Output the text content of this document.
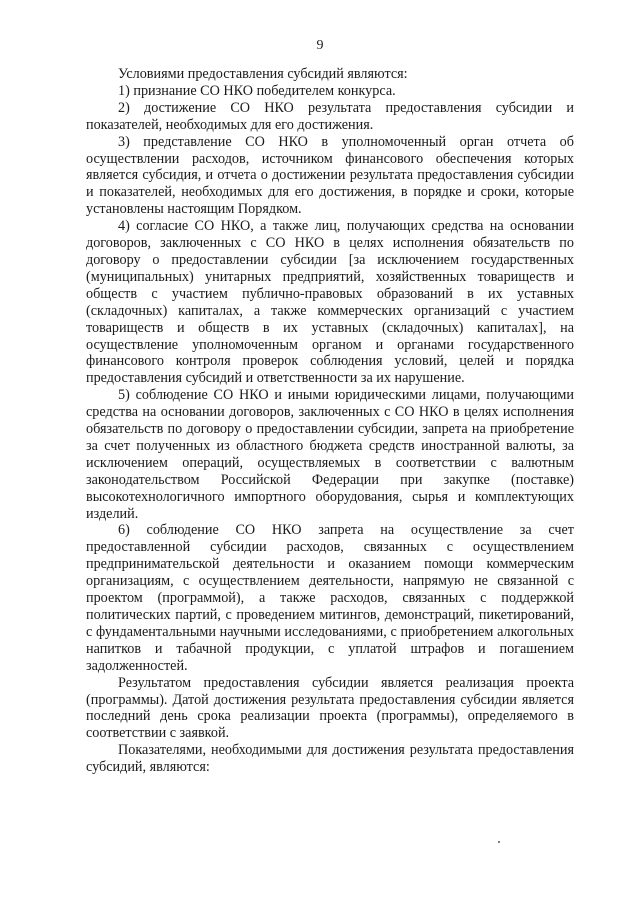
9

Условиями предоставления субсидий являются:

1) признание СО НКО победителем конкурса.

2) достижение СО НКО результата предоставления субсидии и показателей, необходимых для его достижения.

3) представление СО НКО в уполномоченный орган отчета об осуществлении расходов, источником финансового обеспечения которых является субсидия, и отчета о достижении результата предоставления субсидии и показателей, необходимых для его достижения, в порядке и сроки, которые установлены настоящим Порядком.

4) согласие СО НКО, а также лиц, получающих средства на основании договоров, заключенных с СО НКО в целях исполнения обязательств по договору о предоставлении субсидии [за исключением государственных (муниципальных) унитарных предприятий, хозяйственных товариществ и обществ с участием публично-правовых образований в их уставных (складочных) капиталах, а также коммерческих организаций с участием товариществ и обществ в их уставных (складочных) капиталах], на осуществление уполномоченным органом и органами государственного финансового контроля проверок соблюдения условий, целей и порядка предоставления субсидий и ответственности за их нарушение.

5) соблюдение СО НКО и иными юридическими лицами, получающими средства на основании договоров, заключенных с СО НКО в целях исполнения обязательств по договору о предоставлении субсидии, запрета на приобретение за счет полученных из областного бюджета средств иностранной валюты, за исключением операций, осуществляемых в соответствии с валютным законодательством Российской Федерации при закупке (поставке) высокотехнологичного импортного оборудования, сырья и комплектующих изделий.

6) соблюдение СО НКО запрета на осуществление за счет предоставленной субсидии расходов, связанных с осуществлением предпринимательской деятельности и оказанием помощи коммерческим организациям, с осуществлением деятельности, напрямую не связанной с проектом (программой), а также расходов, связанных с поддержкой политических партий, с проведением митингов, демонстраций, пикетирований, с фундаментальными научными исследованиями, с приобретением алкогольных напитков и табачной продукции, с уплатой штрафов и погашением задолженностей.

Результатом предоставления субсидии является реализация проекта (программы). Датой достижения результата предоставления субсидии является последний день срока реализации проекта (программы), определяемого в соответствии с заявкой.

Показателями, необходимыми для достижения результата предоставления субсидий, являются:
